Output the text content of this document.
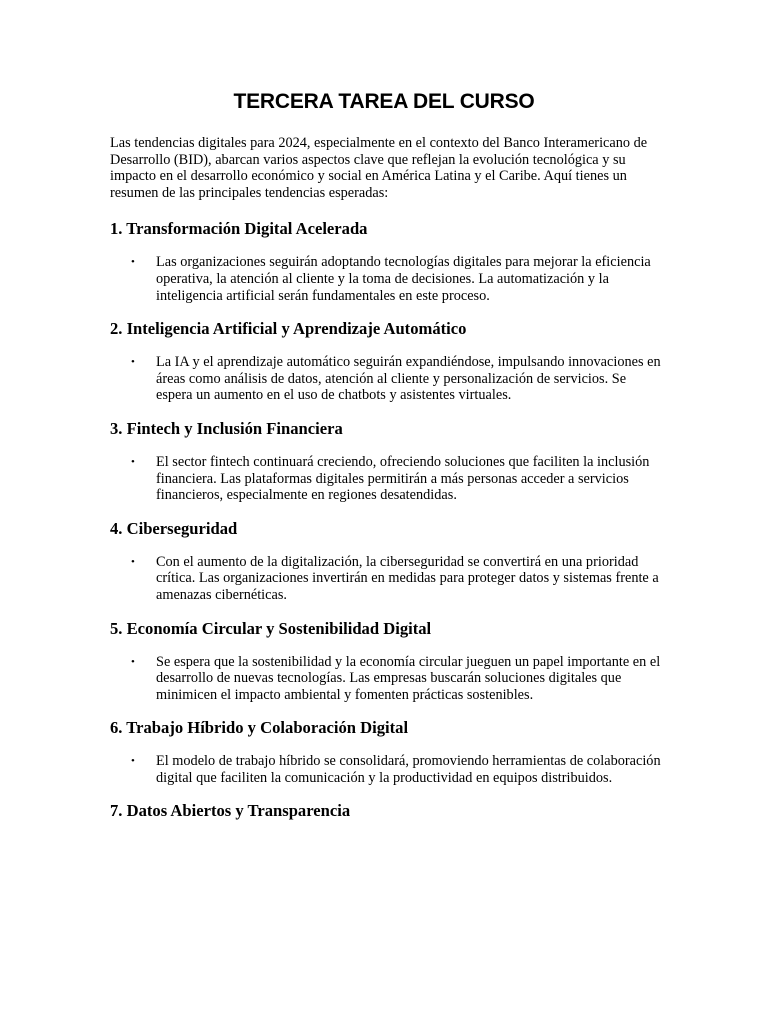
TERCERA TAREA DEL CURSO

Las tendencias digitales para 2024, especialmente en el contexto del Banco Interamericano de Desarrollo (BID), abarcan varios aspectos clave que reflejan la evolución tecnológica y su impacto en el desarrollo económico y social en América Latina y el Caribe. Aquí tienes un resumen de las principales tendencias esperadas:

1. Transformación Digital Acelerada
• Las organizaciones seguirán adoptando tecnologías digitales para mejorar la eficiencia operativa, la atención al cliente y la toma de decisiones. La automatización y la inteligencia artificial serán fundamentales en este proceso.
2. Inteligencia Artificial y Aprendizaje Automático
• La IA y el aprendizaje automático seguirán expandiéndose, impulsando innovaciones en áreas como análisis de datos, atención al cliente y personalización de servicios. Se espera un aumento en el uso de chatbots y asistentes virtuales.
3. Fintech y Inclusión Financiera
• El sector fintech continuará creciendo, ofreciendo soluciones que faciliten la inclusión financiera. Las plataformas digitales permitirán a más personas acceder a servicios financieros, especialmente en regiones desatendidas.
4. Ciberseguridad
• Con el aumento de la digitalización, la ciberseguridad se convertirá en una prioridad crítica. Las organizaciones invertirán en medidas para proteger datos y sistemas frente a amenazas cibernéticas.
5. Economía Circular y Sostenibilidad Digital
• Se espera que la sostenibilidad y la economía circular jueguen un papel importante en el desarrollo de nuevas tecnologías. Las empresas buscarán soluciones digitales que minimicen el impacto ambiental y fomenten prácticas sostenibles.
6. Trabajo Híbrido y Colaboración Digital
• El modelo de trabajo híbrido se consolidará, promoviendo herramientas de colaboración digital que faciliten la comunicación y la productividad en equipos distribuidos.
7. Datos Abiertos y Transparencia
